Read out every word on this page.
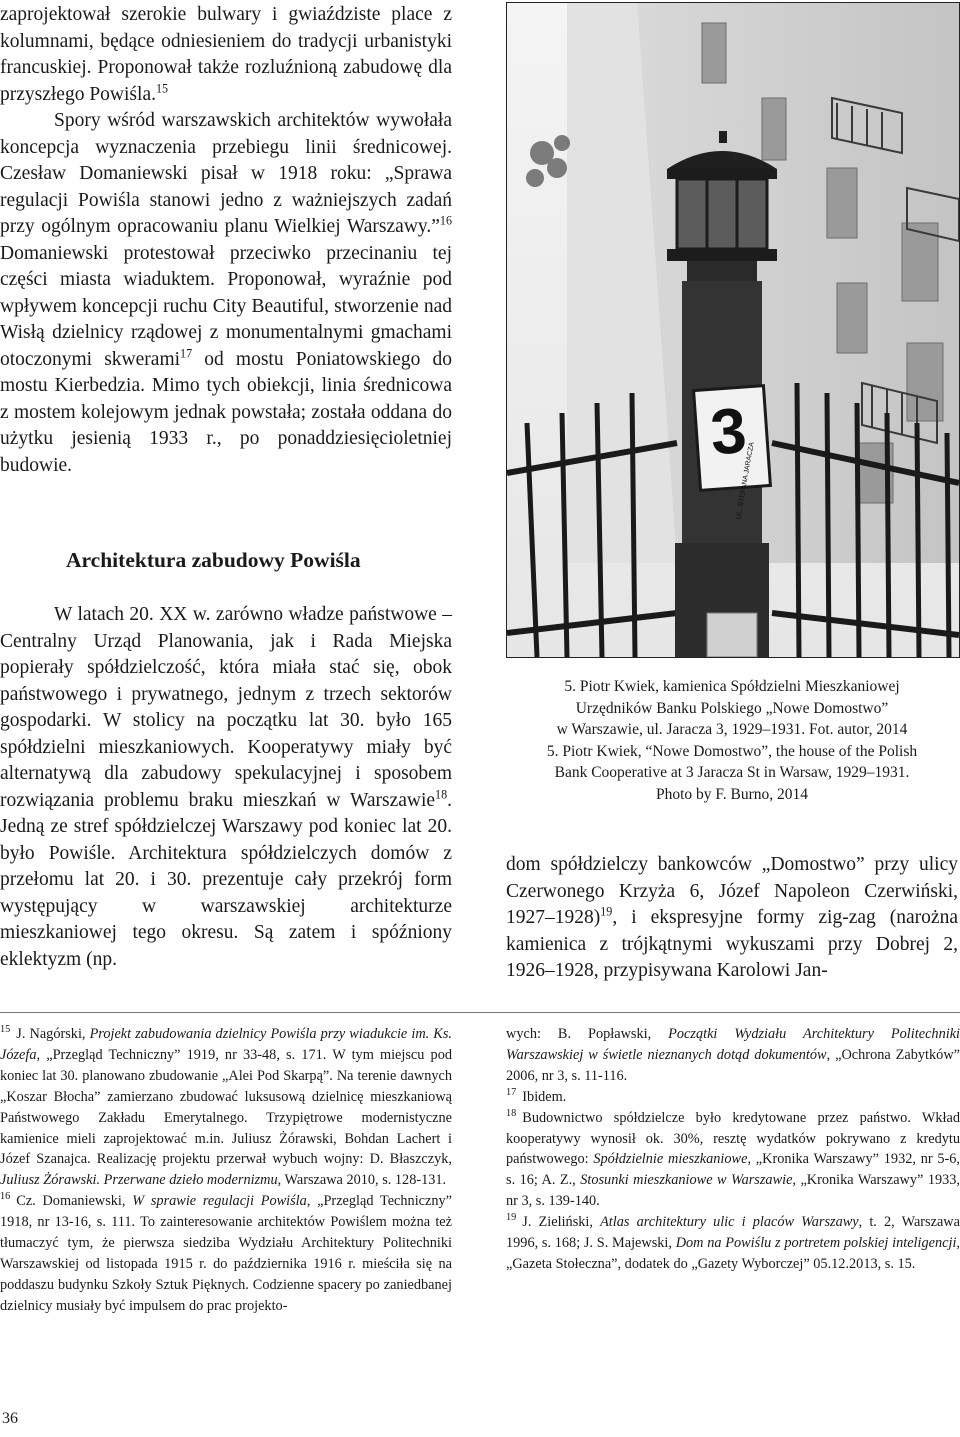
zaprojektował szerokie bulwary i gwiaździste place z kolumnami, będące odniesieniem do tradycji urbanistyki francuskiej. Proponował także rozluźnioną zabudowę dla przyszłego Powiśla.$^{15}$

Spory wśród warszawskich architektów wywołała koncepcja wyznaczenia przebiegu linii średnicowej. Czesław Domaniewski pisał w 1918 roku: „Sprawa regulacji Powiśla stanowi jedno z ważniejszych zadań przy ogólnym opracowaniu planu Wielkiej Warszawy.”$^{16}$ Domaniewski protestował przeciwko przecinaniu tej części miasta wiaduktem. Proponował, wyraźnie pod wpływem koncepcji ruchu City Beautiful, stworzenie nad Wisłą dzielnicy rządowej z monumentalnymi gmachami otoczonymi skwerami$^{17}$ od mostu Poniatowskiego do mostu Kierbedzia. Mimo tych obiekcji, linia średnicowa z mostem kolejowym jednak powstała; została oddana do użytku jesienią 1933 r., po ponaddziesięcioletniej budowie.

Architektura zabudowy Powiśla

W latach 20. XX w. zarówno władze państwowe – Centralny Urząd Planowania, jak i Rada Miejska popierały spółdzielczość, która miała stać się, obok państwowego i prywatnego, jednym z trzech sektorów gospodarki. W stolicy na początku lat 30. było 165 spółdzielni mieszkaniowych. Kooperatywy miały być alternatywą dla zabudowy spekulacyjnej i sposobem rozwiązania problemu braku mieszkań w Warszawie$^{18}$. Jedną ze stref spółdzielczej Warszawy pod koniec lat 20. było Powiśle. Architektura spółdzielczych domów z przełomu lat 20. i 30. prezentuje cały przekrój form występujący w warszawskiej architekturze mieszkaniowej tego okresu. Są zatem i spóźniony eklektyzm (np.

dom spółdzielczy bankowców „Domostwo” przy ulicy Czerwonego Krzyża 6, Józef Napoleon Czerwiński, 1927–1928)$^{19}$, i ekspresyjne formy zig-zag (narożna kamienica z trójkątnymi wykuszami przy Dobrej 2, 1926–1928, przypisywana Karolowi Jan-

3
UL. STEFANA JARACZA

5. Piotr Kwiek, kamienica Spółdzielni Mieszkaniowej

Urzędników Banku Polskiego „Nowe Domostwo”

w Warszawie, ul. Jaracza 3, 1929–1931. Fot. autor, 2014

5. Piotr Kwiek, “Nowe Domostwo”, the house of the Polish

Bank Cooperative at 3 Jaracza St in Warsaw, 1929–1931.

Photo by F. Burno, 2014

$^{15}$ J. Nagórski, Projekt zabudowania dzielnicy Powiśla przy wiadukcie im. Ks. Józefa, „Przegląd Techniczny” 1919, nr 33-48, s. 171. W tym miejscu pod koniec lat 30. planowano zbudowanie „Alei Pod Skarpą”. Na terenie dawnych „Koszar Błocha” zamierzano zbudować luksusową dzielnicę mieszkaniową Państwowego Zakładu Emerytalnego. Trzypiętrowe modernistyczne kamienice mieli zaprojektować m.in. Juliusz Żórawski, Bohdan Lachert i Józef Szanajca. Realizację projektu przerwał wybuch wojny: D. Błaszczyk, Juliusz Żórawski. Przerwane dzieło modernizmu, Warszawa 2010, s. 128-131.

$^{16}$ Cz. Domaniewski, W sprawie regulacji Powiśla, „Przegląd Techniczny” 1918, nr 13-16, s. 111. To zainteresowanie architektów Powiślem można też tłumaczyć tym, że pierwsza siedziba Wydziału Architektury Politechniki Warszawskiej od listopada 1915 r. do października 1916 r. mieściła się na poddaszu budynku Szkoły Sztuk Pięknych. Codzienne spacery po zaniedbanej dzielnicy musiały być impulsem do prac projekto-

wych: B. Popławski, Początki Wydziału Architektury Politechniki Warszawskiej w świetle nieznanych dotąd dokumentów, „Ochrona Zabytków” 2006, nr 3, s. 11-116.

$^{17}$ Ibidem.

$^{18}$ Budownictwo spółdzielcze było kredytowane przez państwo. Wkład kooperatywy wynosił ok. 30%, resztę wydatków pokrywano z kredytu państwowego: Spółdzielnie mieszkaniowe, „Kronika Warszawy” 1932, nr 5-6, s. 16; A. Z., Stosunki mieszkaniowe w Warszawie, „Kronika Warszawy” 1933, nr 3, s. 139-140.

$^{19}$ J. Zieliński, Atlas architektury ulic i placów Warszawy, t. 2, Warszawa 1996, s. 168; J. S. Majewski, Dom na Powiślu z portretem polskiej inteligencji, „Gazeta Stołeczna”, dodatek do „Gazety Wyborczej” 05.12.2013, s. 15.

36
